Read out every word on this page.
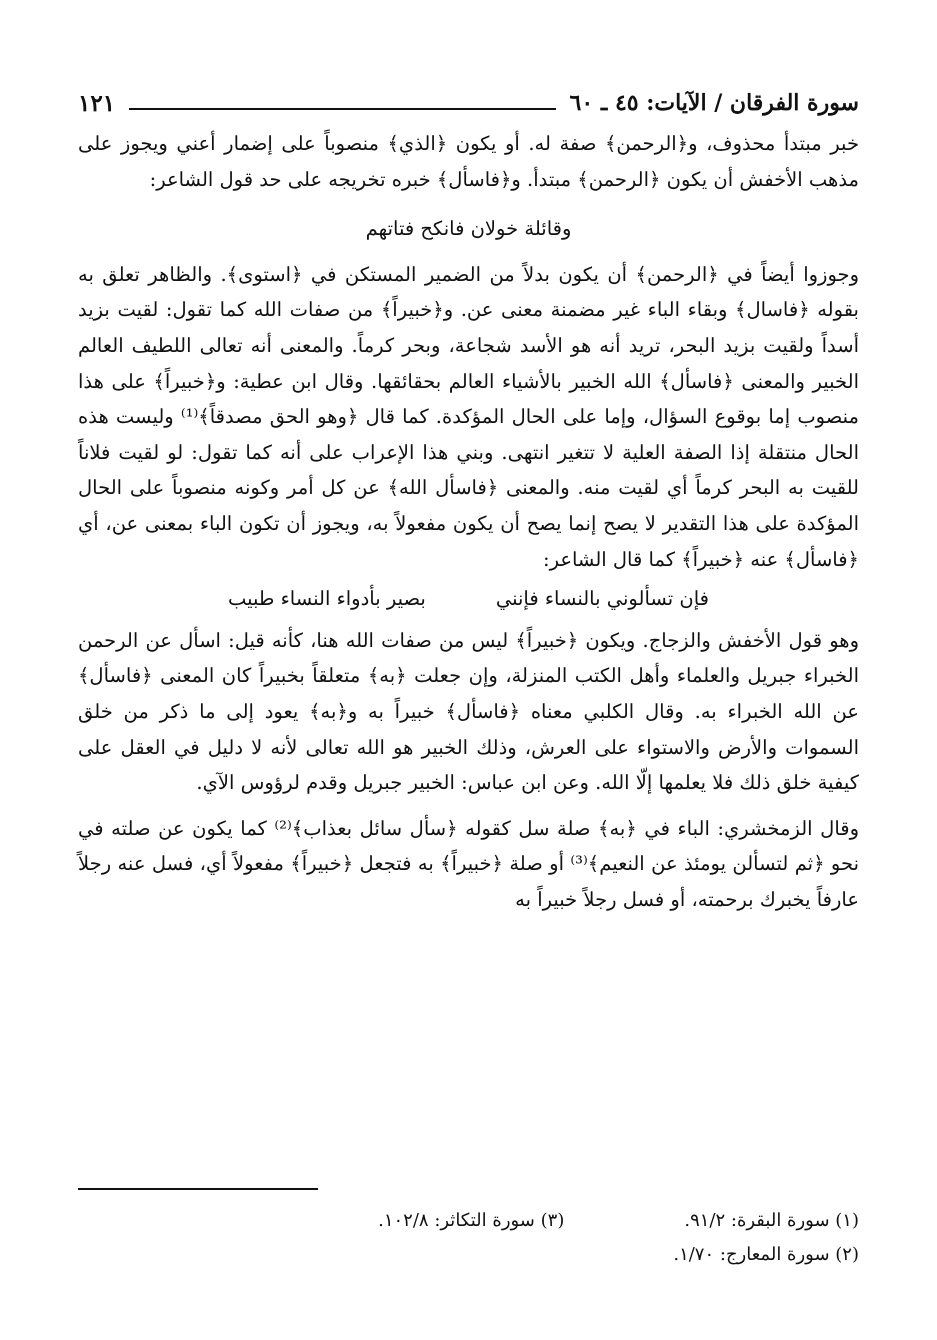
سورة الفرقان / الآيات: ٤٥ ـ ٦٠
١٢١

خبر مبتدأ محذوف، و﴿الرحمن﴾ صفة له. أو يكون ﴿الذي﴾ منصوباً على إضمار أعني ويجوز على مذهب الأخفش أن يكون ﴿الرحمن﴾ مبتدأ. و﴿فاسأل﴾ خبره تخريجه على حد قول الشاعر:

وقائلة خولان فانكح فتاتهم

وجوزوا أيضاً في ﴿الرحمن﴾ أن يكون بدلاً من الضمير المستكن في ﴿استوى﴾. والظاهر تعلق به بقوله ﴿فاسال﴾ وبقاء الباء غير مضمنة معنى عن. و﴿خبيراً﴾ من صفات الله كما تقول: لقيت بزيد أسداً ولقيت بزيد البحر، تريد أنه هو الأسد شجاعة، وبحر كرماً. والمعنى أنه تعالى اللطيف العالم الخبير والمعنى ﴿فاسأل﴾ الله الخبير بالأشياء العالم بحقائقها. وقال ابن عطية: و﴿خبيراً﴾ على هذا منصوب إما بوقوع السؤال، وإما على الحال المؤكدة. كما قال ﴿وهو الحق مصدقاً﴾⁽¹⁾ وليست هذه الحال منتقلة إذا الصفة العلية لا تتغير انتهى. وبني هذا الإعراب على أنه كما تقول: لو لقيت فلاناً للقيت به البحر كرماً أي لقيت منه. والمعنى ﴿فاسأل الله﴾ عن كل أمر وكونه منصوباً على الحال المؤكدة على هذا التقدير لا يصح إنما يصح أن يكون مفعولاً به، ويجوز أن تكون الباء بمعنى عن، أي ﴿فاسأل﴾ عنه ﴿خبيراً﴾ كما قال الشاعر:

فإن تسألوني بالنساء فإنني
بصير بأدواء النساء طبيب

وهو قول الأخفش والزجاج. ويكون ﴿خبيراً﴾ ليس من صفات الله هنا، كأنه قيل: اسأل عن الرحمن الخبراء جبريل والعلماء وأهل الكتب المنزلة، وإن جعلت ﴿به﴾ متعلقاً بخبيراً كان المعنى ﴿فاسأل﴾ عن الله الخبراء به. وقال الكلبي معناه ﴿فاسأل﴾ خبيراً به و﴿به﴾ يعود إلى ما ذكر من خلق السموات والأرض والاستواء على العرش، وذلك الخبير هو الله تعالى لأنه لا دليل في العقل على كيفية خلق ذلك فلا يعلمها إلّا الله. وعن ابن عباس: الخبير جبريل وقدم لرؤوس الآي.

وقال الزمخشري: الباء في ﴿به﴾ صلة سل كقوله ﴿سأل سائل بعذاب﴾⁽²⁾ كما يكون عن صلته في نحو ﴿ثم لتسألن يومئذ عن النعيم﴾⁽³⁾ أو صلة ﴿خبيراً﴾ به فتجعل ﴿خبيراً﴾ مفعولاً أي، فسل عنه رجلاً عارفاً يخبرك برحمته، أو فسل رجلاً خبيراً به

(١) سورة البقرة: ٩١/٢.
(٣) سورة التكاثر: ١٠٢/٨.
(٢) سورة المعارج: ١/٧٠.
